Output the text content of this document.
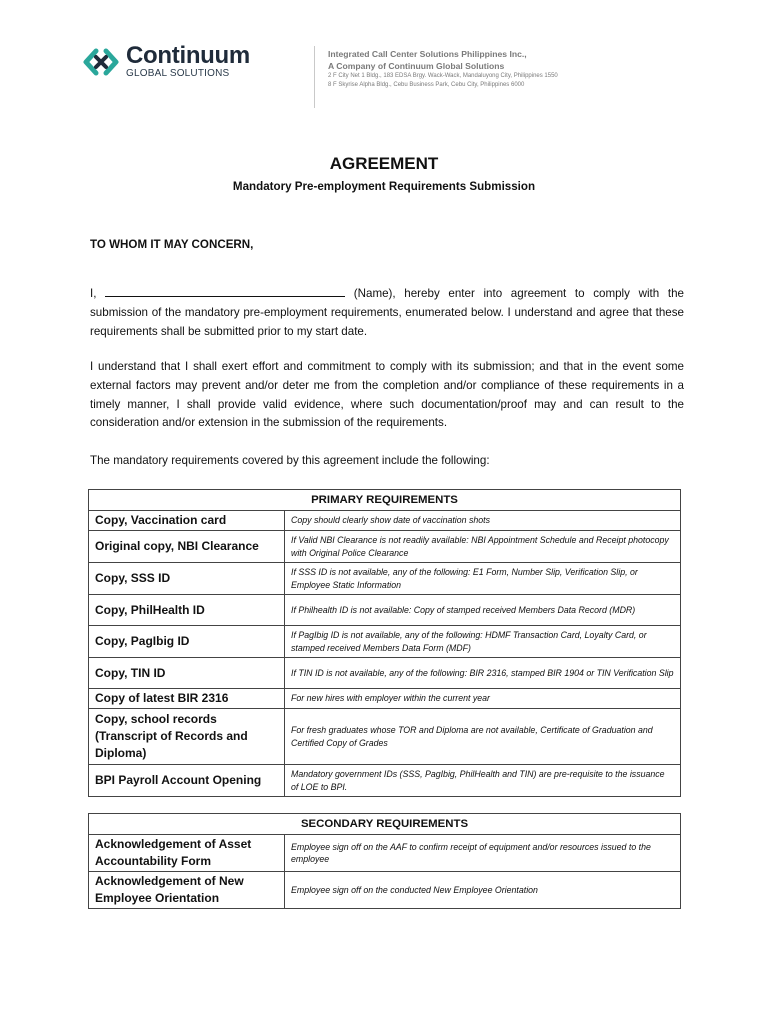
Continuum
GLOBAL SOLUTIONS
Integrated Call Center Solutions Philippines Inc.,
A Company of Continuum Global Solutions
2 F City Net 1 Bldg., 183 EDSA Brgy. Wack-Wack, Mandaluyong City, Philippines 1550
8 F Skyrise Alpha Bldg., Cebu Business Park, Cebu City, Philippines 6000
AGREEMENT
Mandatory Pre-employment Requirements Submission
TO WHOM IT MAY CONCERN,
I,	(Name), hereby enter into agreement to comply with the submission of the mandatory pre-employment requirements, enumerated below. I understand and agree that these requirements shall be submitted prior to my start date.
I understand that I shall exert effort and commitment to comply with its submission; and that in the event some external factors may prevent and/or deter me from the completion and/or compliance of these requirements in a timely manner, I shall provide valid evidence, where such documentation/proof may and can result to the consideration and/or extension in the submission of the requirements.
The mandatory requirements covered by this agreement include the following:
PRIMARY REQUIREMENTS	
Copy, Vaccination card	Copy should clearly show date of vaccination shots
Original copy, NBI Clearance	If Valid NBI Clearance is not readily available: NBI Appointment Schedule and Receipt photocopy with Original Police Clearance
Copy, SSS ID	If SSS ID is not available, any of the following: E1 Form, Number Slip, Verification Slip, or Employee Static Information
Copy, PhilHealth ID	If Philhealth ID is not available: Copy of stamped received Members Data Record (MDR)
Copy, PagIbig ID	If PagIbig ID is not available, any of the following: HDMF Transaction Card, Loyalty Card, or stamped received Members Data Form (MDF)
Copy, TIN ID	If TIN ID is not available, any of the following: BIR 2316, stamped BIR 1904 or TIN Verification Slip
Copy of latest BIR 2316	For new hires with employer within the current year
Copy, school records (Transcript of Records and Diploma)	For fresh graduates whose TOR and Diploma are not available, Certificate of Graduation and Certified Copy of Grades
BPI Payroll Account Opening	Mandatory government IDs (SSS, PagIbig, PhilHealth and TIN) are pre-requisite to the issuance of LOE to BPI.
SECONDARY REQUIREMENTS	
Acknowledgement of Asset Accountability Form	Employee sign off on the AAF to confirm receipt of equipment and/or resources issued to the employee
Acknowledgement of New Employee Orientation	Employee sign off on the conducted New Employee Orientation
